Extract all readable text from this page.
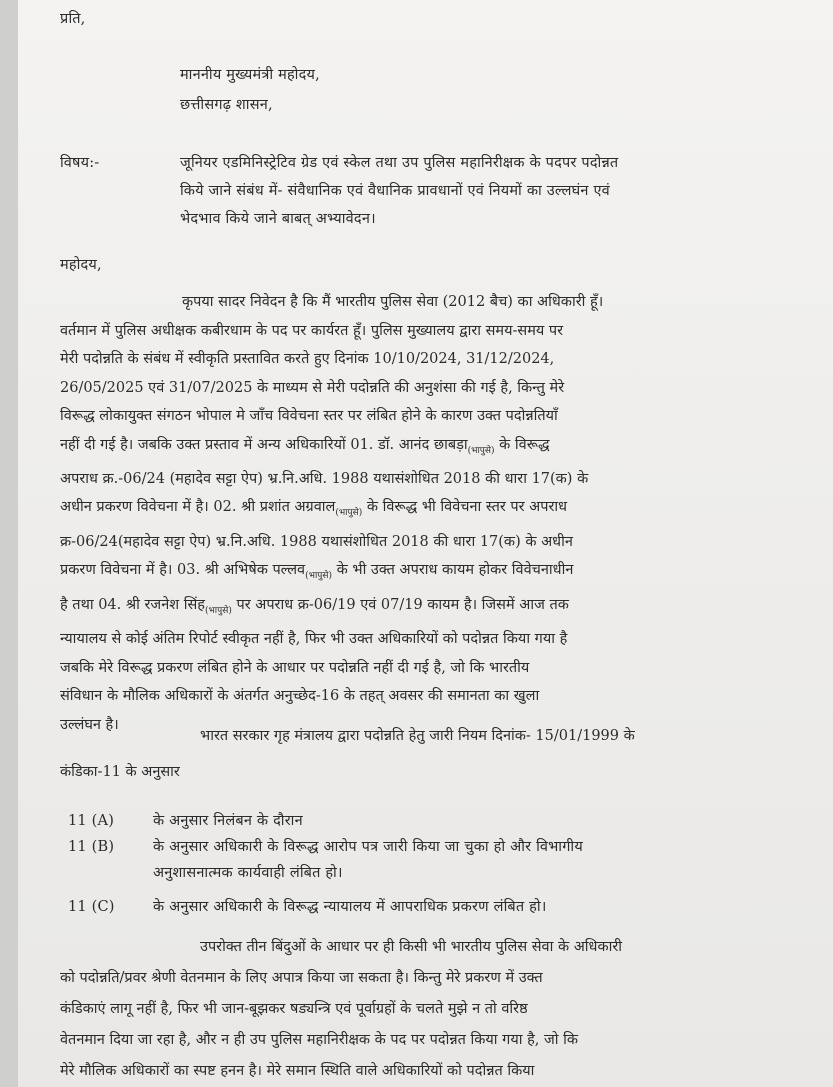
प्रति,
माननीय मुख्यमंत्री महोदय,
छत्तीसगढ़ शासन,
विषय:-	जूनियर एडमिनिस्ट्रेटिव ग्रेड एवं स्केल तथा उप पुलिस महानिरीक्षक के पदपर पदोन्नत
किये जाने संबंध में- संवैधानिक एवं वैधानिक प्रावधानों एवं नियमों का उल्लघंन एवं
भेदभाव किये जाने बाबत् अभ्यावेदन।
महोदय,
कृपया सादर निवेदन है कि मैं भारतीय पुलिस सेवा (2012 बैच) का अधिकारी हूँ।
वर्तमान में पुलिस अधीक्षक कबीरधाम के पद पर कार्यरत हूँ। पुलिस मुख्यालय द्वारा समय-समय पर
मेरी पदोन्नति के संबंध में स्वीकृति प्रस्तावित करते हुए दिनांक 10/10/2024, 31/12/2024,
26/05/2025 एवं 31/07/2025 के माध्यम से मेरी पदोन्नति की अनुशंसा की गई है, किन्तु मेरे
विरूद्ध लोकायुक्त संगठन भोपाल मे जाँच विवेचना स्तर पर लंबित होने के कारण उक्त पदोन्नतियाँ
नहीं दी गई है। जबकि उक्त प्रस्ताव में अन्य अधिकारियों 01. डॉ. आनंद $छाबड़ा_{(भापुसे)}$ के विरूद्ध
अपराध क्र.-06/24 (महादेव सट्टा ऐप) भ्र.नि.अधि. 1988 यथासंशोधित 2018 की धारा 17(क) के
अधीन प्रकरण विवेचना में है। 02. श्री प्रशांत अग्रवाल$_{(भापुसे)}$ के विरूद्ध भी विवेचना स्तर पर अपराध
क्र-06/24(महादेव सट्टा ऐप) भ्र.नि.अधि. 1988 यथासंशोधित 2018 की धारा 17(क) के अधीन
प्रकरण विवेचना में है। 03. श्री अभिषेक पल्लव$_{(भापुसे)}$ के भी उक्त अपराध कायम होकर विवेचनाधीन
है तथा 04. श्री रजनेश सिंह$_{(भापुसे)}$ पर अपराध क्र-06/19 एवं 07/19 कायम है। जिसमें आज तक
न्यायालय से कोई अंतिम रिपोर्ट स्वीकृत नहीं है, फिर भी उक्त अधिकारियों को पदोन्नत किया गया है
जबकि मेरे विरूद्ध प्रकरण लंबित होने के आधार पर पदोन्नति नहीं दी गई है, जो कि भारतीय
संविधान के मौलिक अधिकारों के अंतर्गत अनुच्छेद-16 के तहत् अवसर की समानता का खुला
उल्लंघन है।
भारत सरकार गृह मंत्रालय द्वारा पदोन्नति हेतु जारी नियम दिनांक- 15/01/1999 के
कंडिका-11 के अनुसार
11 (A)	के अनुसार निलंबन के दौरान
11 (B)	के अनुसार अधिकारी के विरूद्ध आरोप पत्र जारी किया जा चुका हो और विभागीय
अनुशासनात्मक कार्यवाही लंबित हो।
11 (C)	के अनुसार अधिकारी के विरूद्ध न्यायालय में आपराधिक प्रकरण लंबित हो।
उपरोक्त तीन बिंदुओं के आधार पर ही किसी भी भारतीय पुलिस सेवा के अधिकारी
को पदोन्नति/प्रवर श्रेणी वेतनमान के लिए अपात्र किया जा सकता है। किन्तु मेरे प्रकरण में उक्त
कंडिकाएं लागू नहीं है, फिर भी जान-बूझकर षड्यन्त्रि एवं पूर्वाग्रहों के चलते मुझे न तो वरिष्ठ
वेतनमान दिया जा रहा है, और न ही उप पुलिस महानिरीक्षक के पद पर पदोन्नत किया गया है, जो कि
मेरे मौलिक अधिकारों का स्पष्ट हनन है। मेरे समान स्थिति वाले अधिकारियों को पदोन्नत किया
